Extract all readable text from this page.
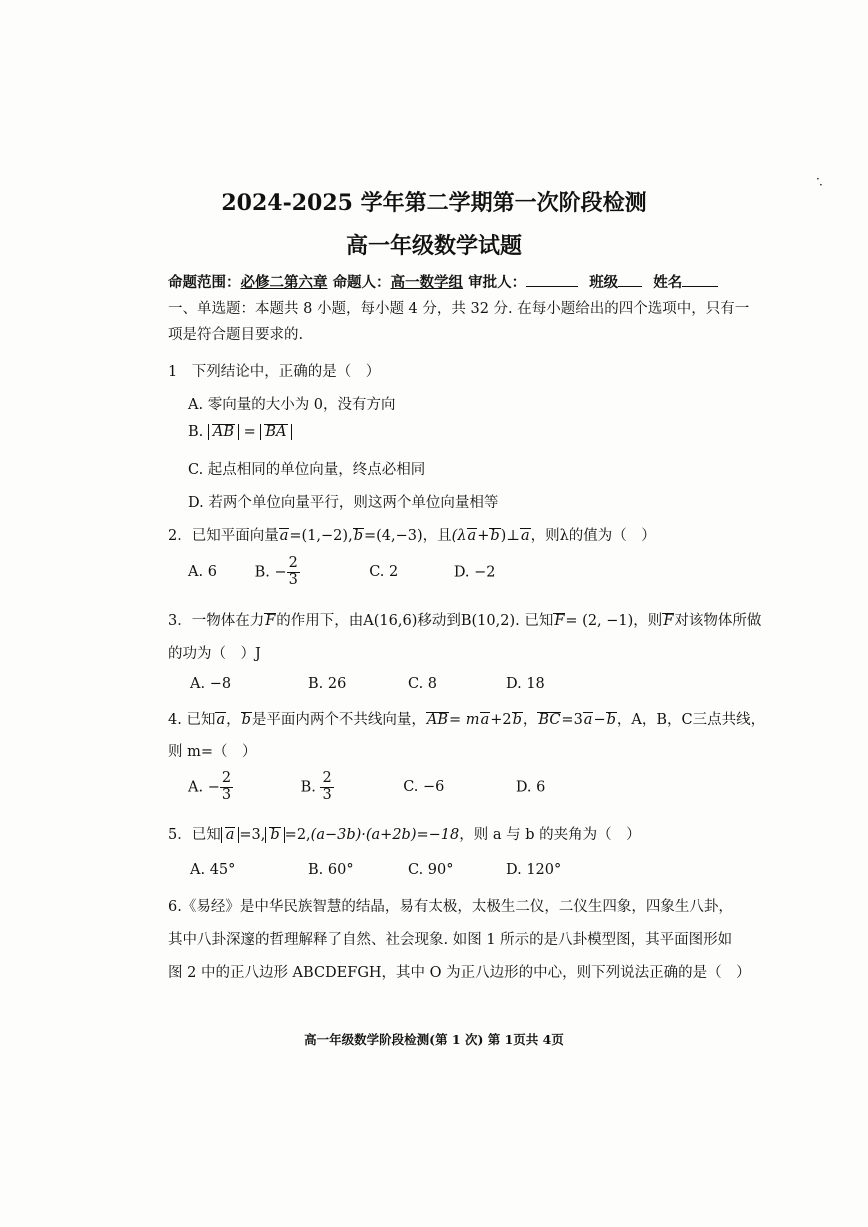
2024-2025 学年第二学期第一次阶段检测
高一年级数学试题
命题范围：必修二第六章 命题人：高一数学组 审批人：	班级 姓名
一、单选题：本题共 8 小题，每小题 4 分，共 32 分. 在每小题给出的四个选项中，只有一
项是符合题目要求的.
1　下列结论中，正确的是（　）
A. 零向量的大小为 0，没有方向
B. AB = BA
C. 起点相同的单位向量，终点必相同
D. 若两个单位向量平行，则这两个单位向量相等
2．已知平面向量a=(1,−2),b=(4,−3)，且(λa+b)⊥a，则λ的值为（　）
A. 6	B. − $\frac{2}{3}$	C. 2	D. −2
3．一物体在力F的作用下，由A(16,6)移动到B(10,2). 已知F= (2, −1)，则F对该物体所做
的功为（　）J
A. −8	B. 26	C. 8	D. 18
4. 已知a，b是平面内两个不共线向量，AB= ma+2b，BC=3a−b，A，B，C三点共线，
则 m=（　）
A. − $\frac{2}{3}$	B. $\frac{2}{3}$	C. −6	D. 6
5．已知 a =3, b =2,(a−3b)·(a+2b)=−18，则 a 与 b 的夹角为（　）
A. 45°	B. 60°	C. 90°	D. 120°
6.《易经》是中华民族智慧的结晶，易有太极，太极生二仪，二仪生四象，四象生八卦，
其中八卦深邃的哲理解释了自然、社会现象. 如图 1 所示的是八卦模型图，其平面图形如
图 2 中的正八边形 ABCDEFGH，其中 O 为正八边形的中心，则下列说法正确的是（　）
高一年级数学阶段检测(第 1 次) 第 1页共 4页
· ·
